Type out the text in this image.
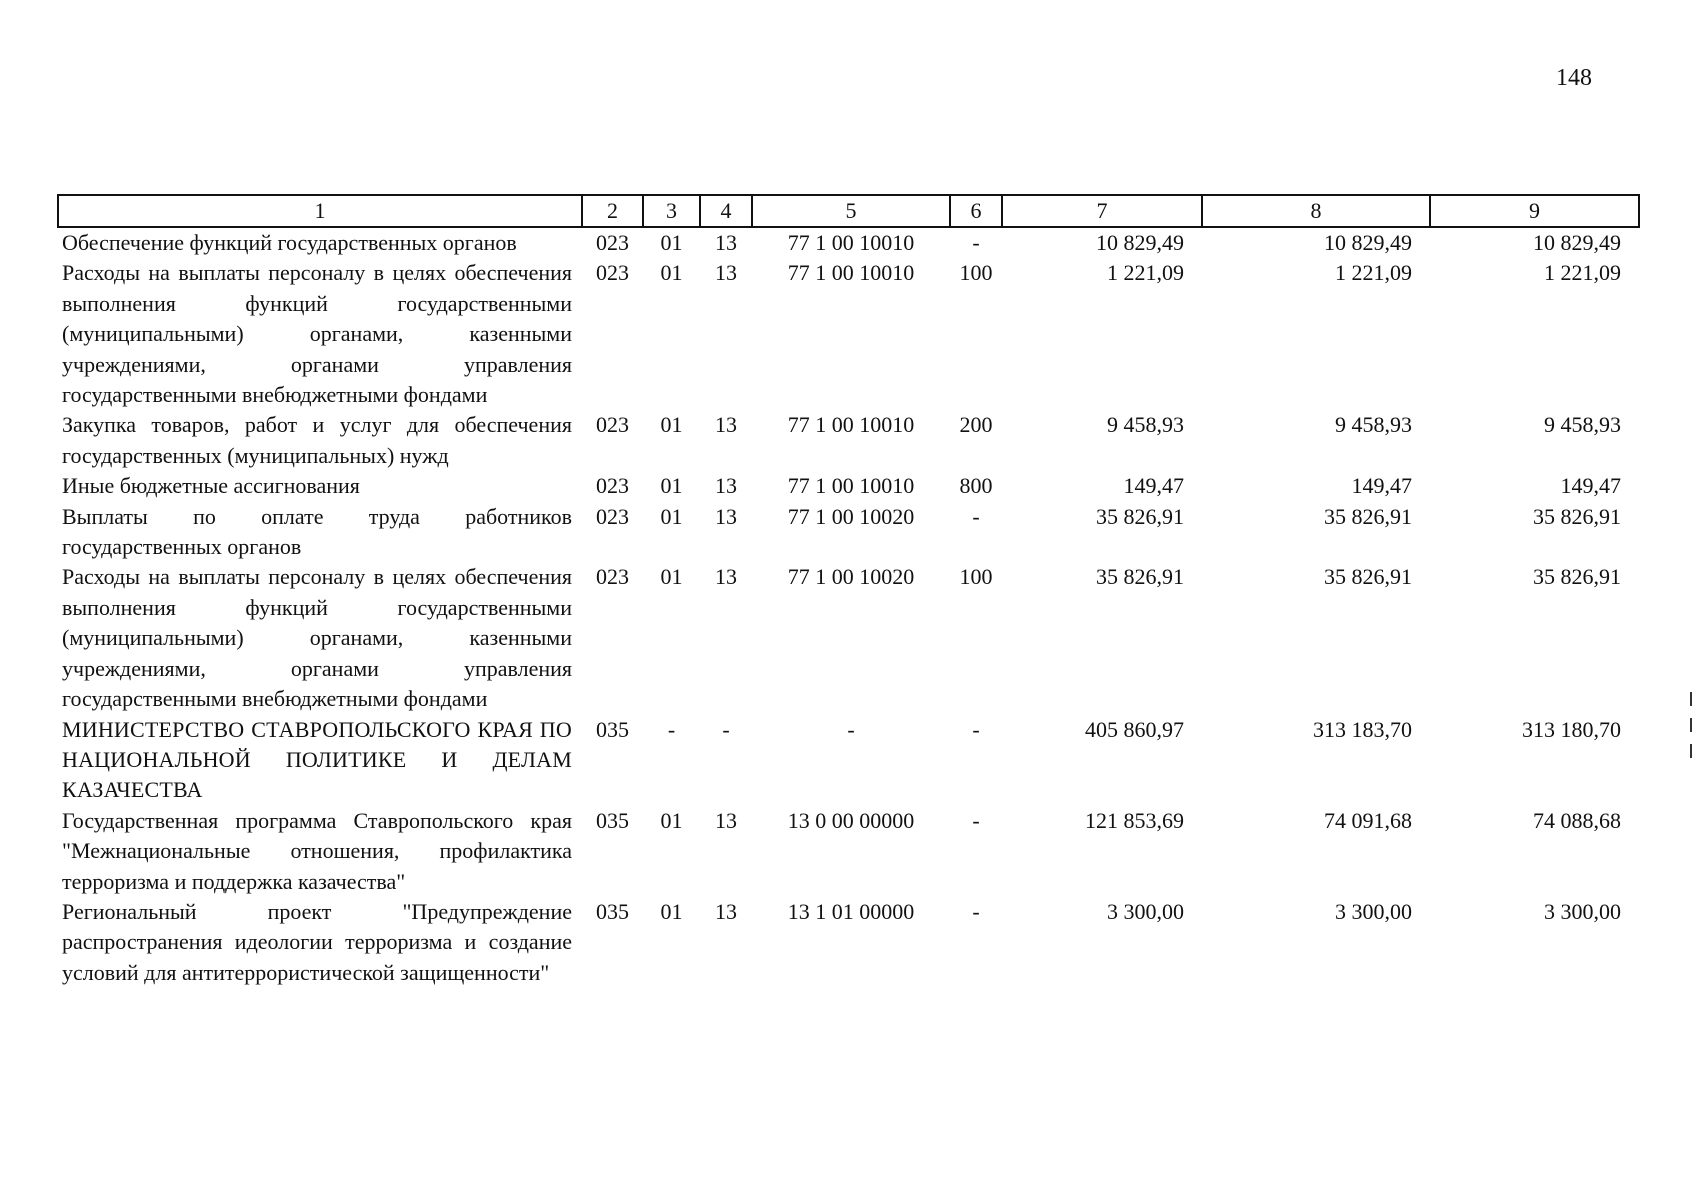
148
1	2	3	4	5	6	7	8	9
Обеспечение функций государственных органов	023	01	13	77 1 00 10010	-	10 829,49	10 829,49	10 829,49
Расходы на выплаты персоналу в целях обеспечения выполнения функций государственными (муниципальными) органами, казенными учреждениями, органами управления государственными внебюджетными фондами	023	01	13	77 1 00 10010	100	1 221,09	1 221,09	1 221,09
Закупка товаров, работ и услуг для обеспечения государственных (муниципальных) нужд	023	01	13	77 1 00 10010	200	9 458,93	9 458,93	9 458,93
Иные бюджетные ассигнования	023	01	13	77 1 00 10010	800	149,47	149,47	149,47
Выплаты по оплате труда работников государственных органов	023	01	13	77 1 00 10020	-	35 826,91	35 826,91	35 826,91
Расходы на выплаты персоналу в целях обеспечения выполнения функций государственными (муниципальными) органами, казенными учреждениями, органами управления государственными внебюджетными фондами	023	01	13	77 1 00 10020	100	35 826,91	35 826,91	35 826,91
МИНИСТЕРСТВО СТАВРОПОЛЬСКОГО КРАЯ ПО НАЦИОНАЛЬНОЙ ПОЛИТИКЕ И ДЕЛАМ КАЗАЧЕСТВА	035	-	-	-	-	405 860,97	313 183,70	313 180,70
Государственная программа Ставропольского края "Межнациональные отношения, профилактика терроризма и поддержка казачества"	035	01	13	13 0 00 00000	-	121 853,69	74 091,68	74 088,68
Региональный проект "Предупреждение распространения идеологии терроризма и создание условий для антитеррористической защищенности"	035	01	13	13 1 01 00000	-	3 300,00	3 300,00	3 300,00
